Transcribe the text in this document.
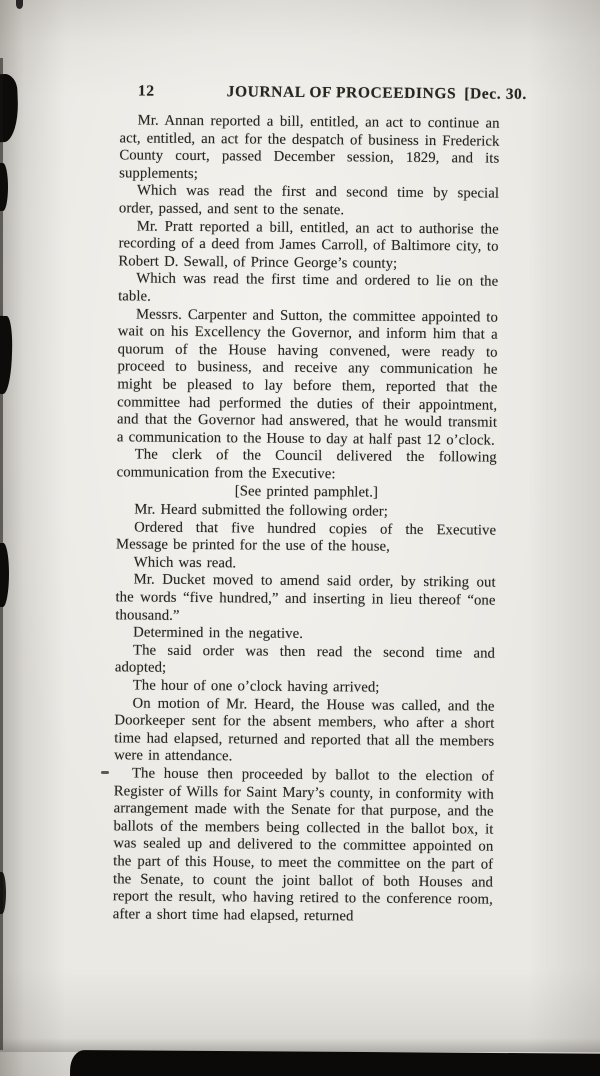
12	JOURNAL OF PROCEEDINGS [Dec. 30.

Mr. Annan reported a bill, entitled, an act to continue an act, entitled, an act for the despatch of business in Frederick County court, passed December session, 1829, and its supplements;

Which was read the first and second time by special order, passed, and sent to the senate.

Mr. Pratt reported a bill, entitled, an act to authorise the recording of a deed from James Carroll, of Baltimore city, to Robert D. Sewall, of Prince George’s county;

Which was read the first time and ordered to lie on the table.

Messrs. Carpenter and Sutton, the committee appointed to wait on his Excellency the Governor, and inform him that a quorum of the House having convened, were ready to proceed to business, and receive any communication he might be pleased to lay before them, reported that the committee had performed the duties of their appointment, and that the Governor had answered, that he would transmit a communication to the House to day at half past 12 o’clock.

The clerk of the Council delivered the following communication from the Executive:

[See printed pamphlet.]

Mr. Heard submitted the following order;

Ordered that five hundred copies of the Executive Message be printed for the use of the house,

Which was read.

Mr. Ducket moved to amend said order, by striking out the words “five hundred,” and inserting in lieu thereof “one thousand.”

Determined in the negative.

The said order was then read the second time and adopted;

The hour of one o’clock having arrived;

On motion of Mr. Heard, the House was called, and the Doorkeeper sent for the absent members, who after a short time had elapsed, returned and reported that all the members were in attendance.

The house then proceeded by ballot to the election of Register of Wills for Saint Mary’s county, in conformity with arrangement made with the Senate for that purpose, and the ballots of the members being collected in the ballot box, it was sealed up and delivered to the committee appointed on the part of this House, to meet the committee on the part of the Senate, to count the joint ballot of both Houses and report the result, who having retired to the conference room, after a short time had elapsed, returned
